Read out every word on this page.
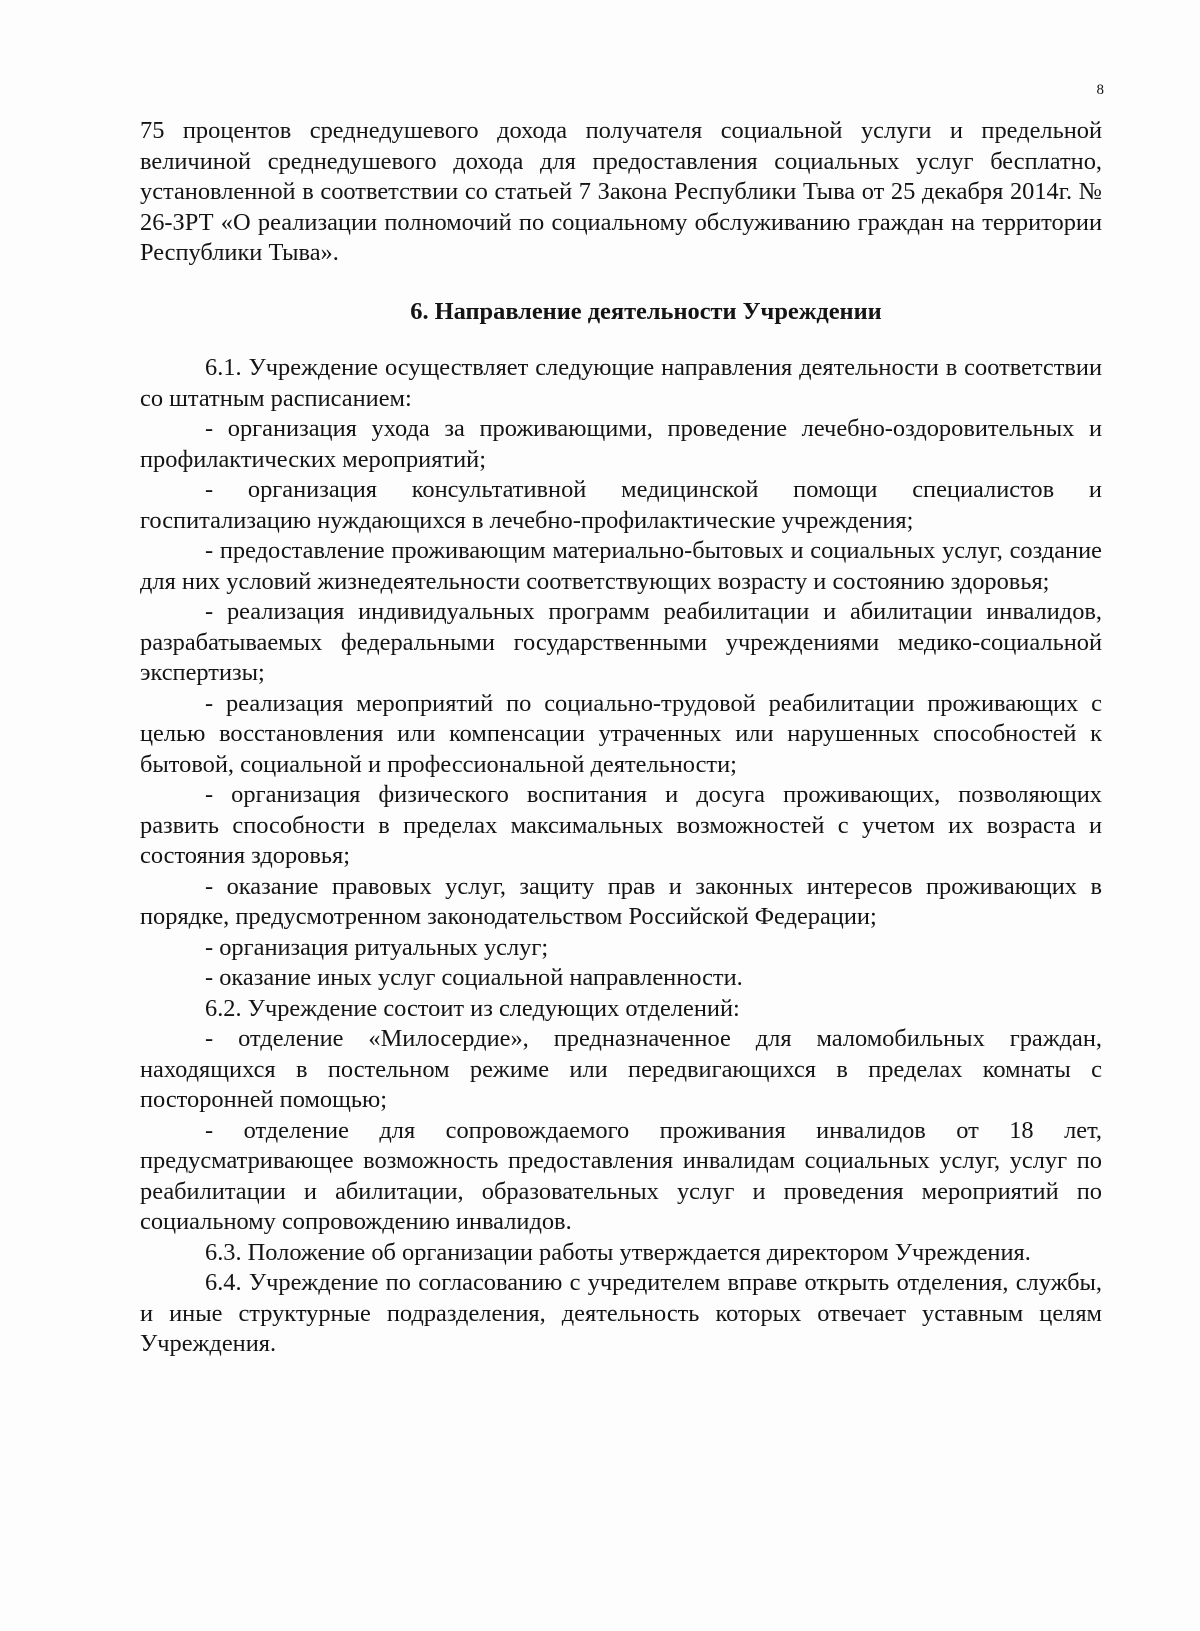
8

75 процентов среднедушевого дохода получателя социальной услуги и предельной величиной среднедушевого дохода для предоставления социальных услуг бесплатно, установленной в соответствии со статьей 7 Закона Республики Тыва от 25 декабря 2014г. № 26-ЗРТ «О реализации полномочий по социальному обслуживанию граждан на территории Республики Тыва».

6. Направление деятельности Учреждении

6.1. Учреждение осуществляет следующие направления деятельности в соответствии со штатным расписанием:

- организация ухода за проживающими, проведение лечебно-оздоровительных и профилактических мероприятий;

- организация консультативной медицинской помощи специалистов и госпитализацию нуждающихся в лечебно-профилактические учреждения;

- предоставление проживающим материально-бытовых и социальных услуг, создание для них условий жизнедеятельности соответствующих возрасту и состоянию здоровья;

- реализация индивидуальных программ реабилитации и абилитации инвалидов, разрабатываемых федеральными государственными учреждениями медико-социальной экспертизы;

- реализация мероприятий по социально-трудовой реабилитации проживающих с целью восстановления или компенсации утраченных или нарушенных способностей к бытовой, социальной и профессиональной деятельности;

- организация физического воспитания и досуга проживающих, позволяющих развить способности в пределах максимальных возможностей с учетом их возраста и состояния здоровья;

- оказание правовых услуг, защиту прав и законных интересов проживающих в порядке, предусмотренном законодательством Российской Федерации;

- организация ритуальных услуг;

- оказание иных услуг социальной направленности.

6.2. Учреждение состоит из следующих отделений:

- отделение «Милосердие», предназначенное для маломобильных граждан, находящихся в постельном режиме или передвигающихся в пределах комнаты с посторонней помощью;

- отделение для сопровождаемого проживания инвалидов от 18 лет, предусматривающее возможность предоставления инвалидам социальных услуг, услуг по реабилитации и абилитации, образовательных услуг и проведения мероприятий по социальному сопровождению инвалидов.

6.3. Положение об организации работы утверждается директором Учреждения.

6.4. Учреждение по согласованию с учредителем вправе открыть отделения, службы, и иные структурные подразделения, деятельность которых отвечает уставным целям Учреждения.
